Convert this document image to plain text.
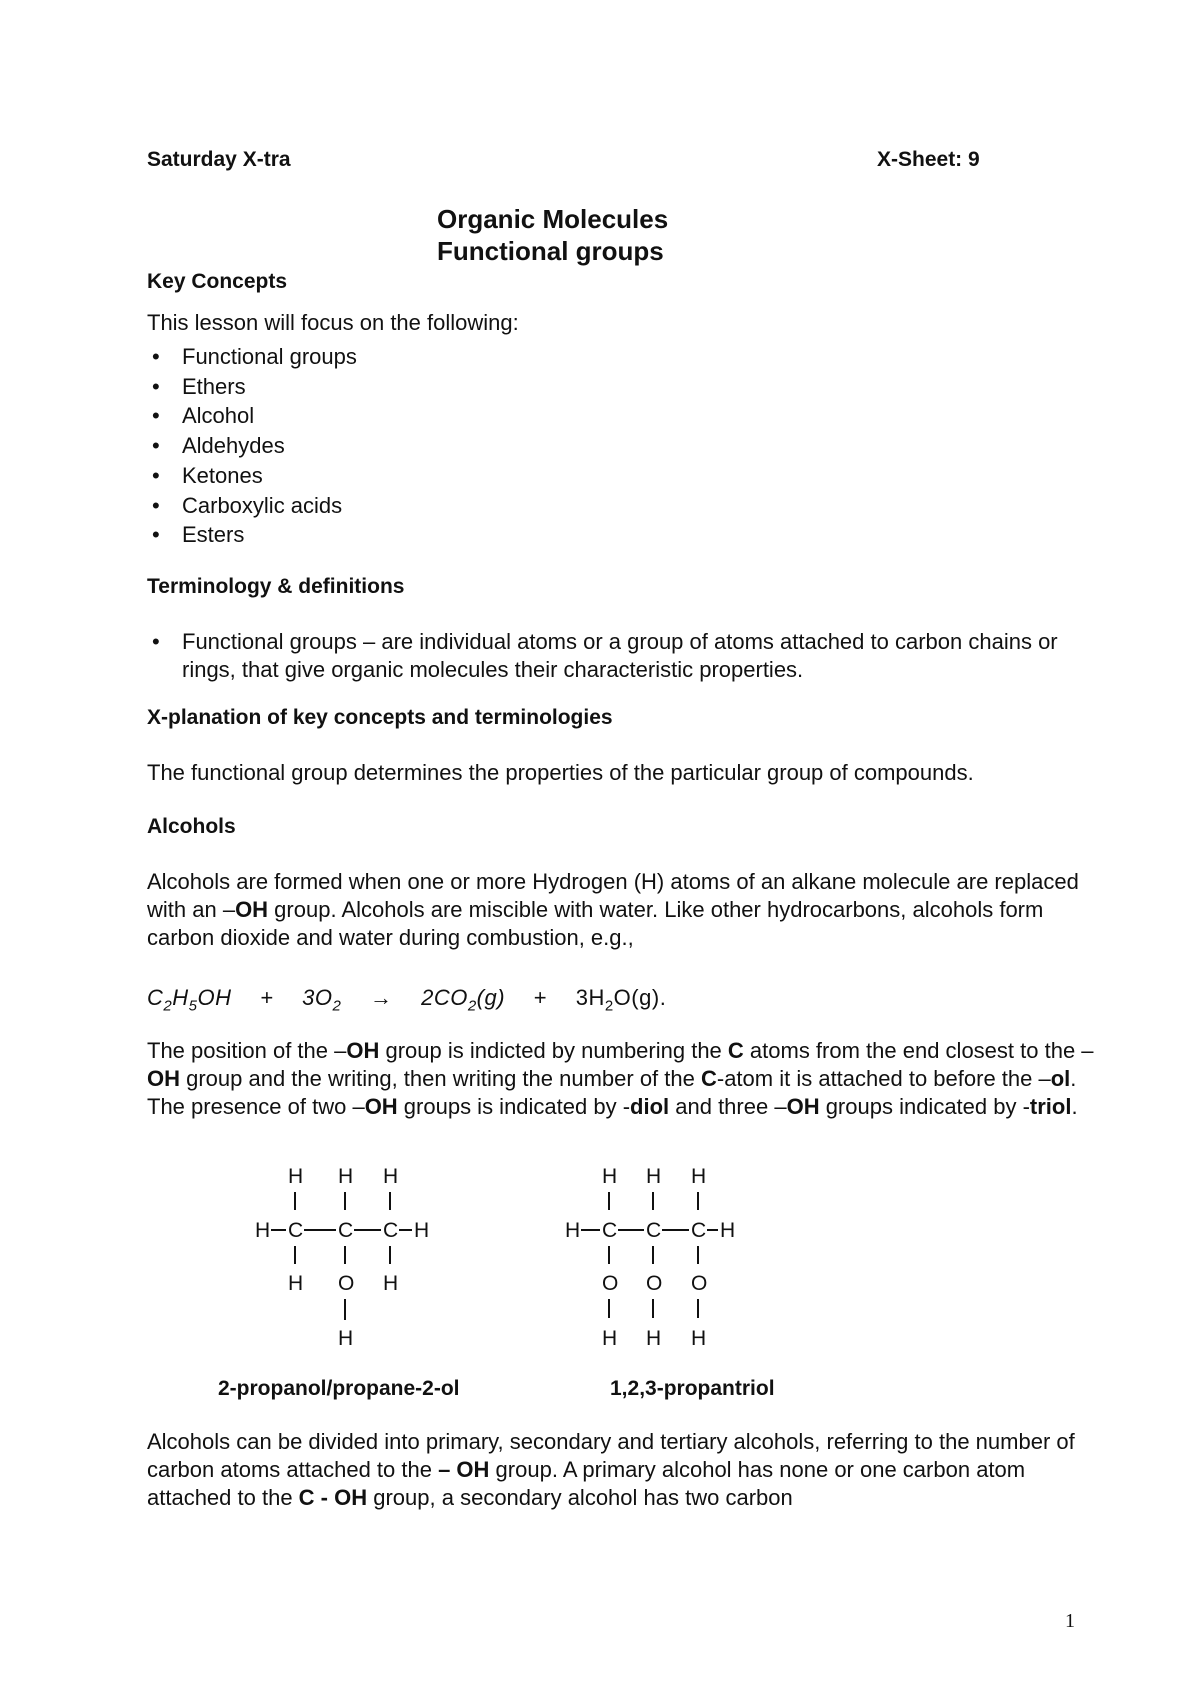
Saturday X-tra	X-Sheet: 9
Organic Molecules
Functional groups
Key Concepts
This lesson will focus on the following:
• Functional groups
• Ethers
• Alcohol
• Aldehydes
• Ketones
• Carboxylic acids
• Esters
Terminology & definitions
• Functional groups – are individual atoms or a group of atoms attached to carbon chains or rings, that give organic molecules their characteristic properties.
X-planation of key concepts and terminologies
The functional group determines the properties of the particular group of compounds.
Alcohols
Alcohols are formed when one or more Hydrogen (H) atoms of an alkane molecule are replaced with an –OH group. Alcohols are miscible with water. Like other hydrocarbons, alcohols form carbon dioxide and water during combustion, e.g.,
$C_2H_5OH + 3O_2 \to 2CO_2(g) + 3H_2O(g)$.
The position of the –OH group is indicted by numbering the C atoms from the end closest to the –OH group and the writing, then writing the number of the C-atom it is attached to before the –ol. The presence of two –OH groups is indicated by -diol and three –OH groups indicated by -triol.
H H H
H C C C H
H O H
H
H H H
H C C C H
O O O
H H H
2-propanol/propane-2-ol	1,2,3-propantriol
Alcohols can be divided into primary, secondary and tertiary alcohols, referring to the number of carbon atoms attached to the – OH group. A primary alcohol has none or one carbon atom attached to the C - OH group, a secondary alcohol has two carbon
1
